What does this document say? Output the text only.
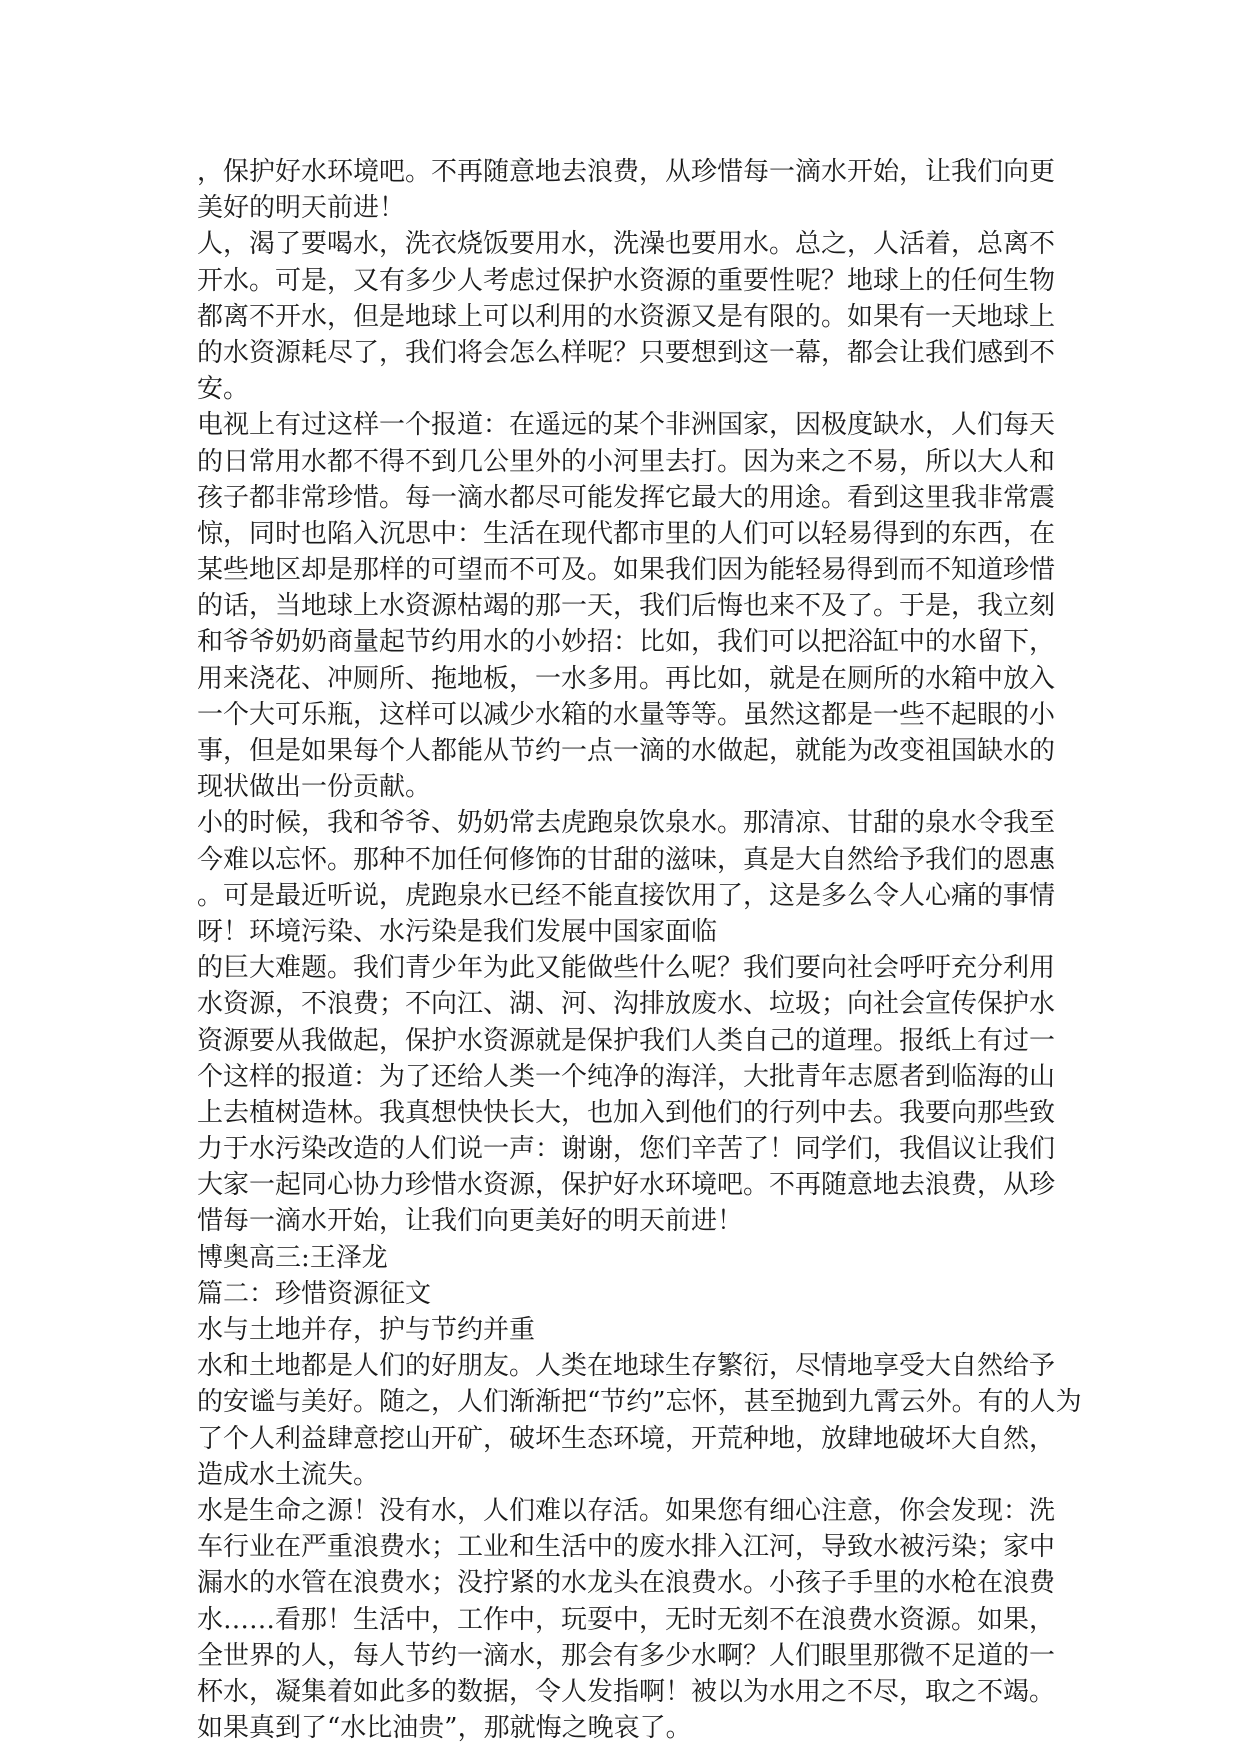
，保护好水环境吧。不再随意地去浪费，从珍惜每一滴水开始，让我们向更
美好的明天前进！
人，渴了要喝水，洗衣烧饭要用水，洗澡也要用水。总之，人活着，总离不
开水。可是，又有多少人考虑过保护水资源的重要性呢？地球上的任何生物
都离不开水，但是地球上可以利用的水资源又是有限的。如果有一天地球上
的水资源耗尽了，我们将会怎么样呢？只要想到这一幕，都会让我们感到不
安。
电视上有过这样一个报道：在遥远的某个非洲国家，因极度缺水，人们每天
的日常用水都不得不到几公里外的小河里去打。因为来之不易，所以大人和
孩子都非常珍惜。每一滴水都尽可能发挥它最大的用途。看到这里我非常震
惊，同时也陷入沉思中：生活在现代都市里的人们可以轻易得到的东西，在
某些地区却是那样的可望而不可及。如果我们因为能轻易得到而不知道珍惜
的话，当地球上水资源枯竭的那一天，我们后悔也来不及了。于是，我立刻
和爷爷奶奶商量起节约用水的小妙招：比如，我们可以把浴缸中的水留下，
用来浇花、冲厕所、拖地板，一水多用。再比如，就是在厕所的水箱中放入
一个大可乐瓶，这样可以减少水箱的水量等等。虽然这都是一些不起眼的小
事，但是如果每个人都能从节约一点一滴的水做起，就能为改变祖国缺水的
现状做出一份贡献。
小的时候，我和爷爷、奶奶常去虎跑泉饮泉水。那清凉、甘甜的泉水令我至
今难以忘怀。那种不加任何修饰的甘甜的滋味，真是大自然给予我们的恩惠
。可是最近听说，虎跑泉水已经不能直接饮用了，这是多么令人心痛的事情
呀！环境污染、水污染是我们发展中国家面临
的巨大难题。我们青少年为此又能做些什么呢？我们要向社会呼吁充分利用
水资源，不浪费；不向江、湖、河、沟排放废水、垃圾；向社会宣传保护水
资源要从我做起，保护水资源就是保护我们人类自己的道理。报纸上有过一
个这样的报道：为了还给人类一个纯净的海洋，大批青年志愿者到临海的山
上去植树造林。我真想快快长大，也加入到他们的行列中去。我要向那些致
力于水污染改造的人们说一声：谢谢，您们辛苦了！同学们，我倡议让我们
大家一起同心协力珍惜水资源，保护好水环境吧。不再随意地去浪费，从珍
惜每一滴水开始，让我们向更美好的明天前进！
博奥高三:王泽龙
篇二：珍惜资源征文
水与土地并存，护与节约并重
水和土地都是人们的好朋友。人类在地球生存繁衍，尽情地享受大自然给予
的安谧与美好。随之，人们渐渐把“节约”忘怀，甚至抛到九霄云外。有的人为
了个人利益肆意挖山开矿，破坏生态环境，开荒种地，放肆地破坏大自然，
造成水土流失。
水是生命之源！没有水，人们难以存活。如果您有细心注意，你会发现：洗
车行业在严重浪费水；工业和生活中的废水排入江河，导致水被污染；家中
漏水的水管在浪费水；没拧紧的水龙头在浪费水。小孩子手里的水枪在浪费
水……看那！生活中，工作中，玩耍中，无时无刻不在浪费水资源。如果，
全世界的人，每人节约一滴水，那会有多少水啊？人们眼里那微不足道的一
杯水，凝集着如此多的数据，令人发指啊！被以为水用之不尽，取之不竭。
如果真到了“水比油贵”，那就悔之晚哀了。
